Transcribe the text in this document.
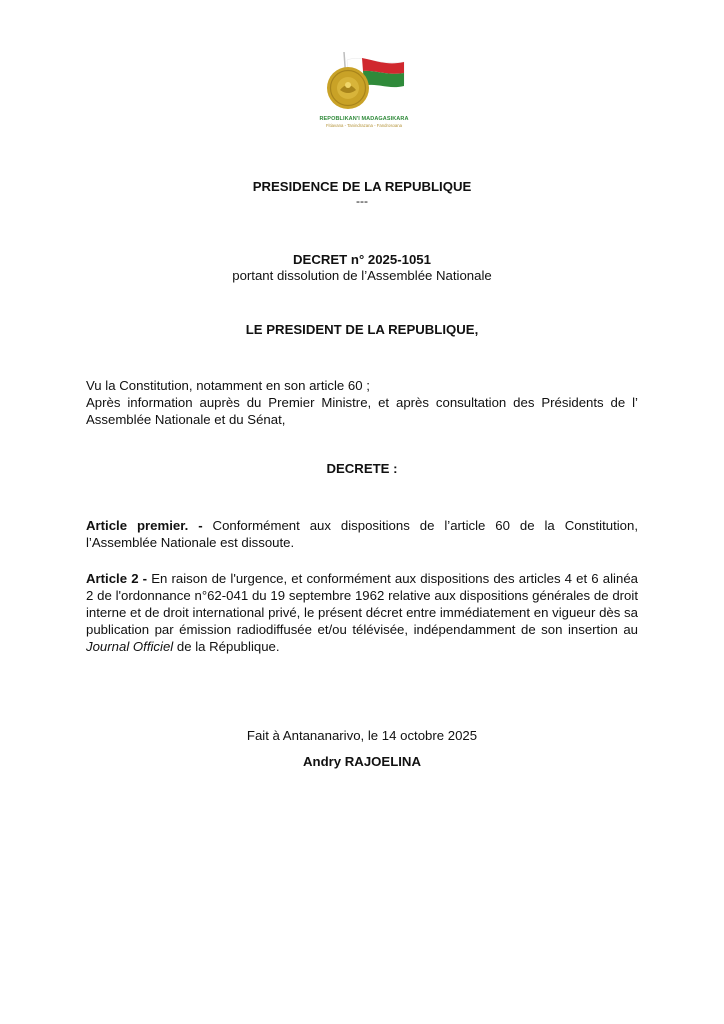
REPOBLIKAN'I MADAGASIKARA
Fitiavana - Tanindrazana - Fandrosoana
PRESIDENCE DE LA REPUBLIQUE
---
DECRET n° 2025-1051
portant dissolution de l’Assemblée Nationale
LE PRESIDENT DE LA REPUBLIQUE,
Vu la Constitution, notamment en son article 60 ;
Après information auprès du Premier Ministre, et après consultation des Présidents de l’ Assemblée Nationale et du Sénat,
DECRETE :
Article premier. - Conformément aux dispositions de l’article 60 de la Constitution, l’Assemblée Nationale est dissoute.
Article 2 - En raison de l'urgence, et conformément aux dispositions des articles 4 et 6 alinéa 2 de l'ordonnance n°62-041 du 19 septembre 1962 relative aux dispositions générales de droit interne et de droit international privé, le présent décret entre immédiatement en vigueur dès sa publication par émission radiodiffusée et/ou télévisée, indépendamment de son insertion au Journal Officiel de la République.
Fait à Antananarivo, le 14 octobre 2025
Andry RAJOELINA
